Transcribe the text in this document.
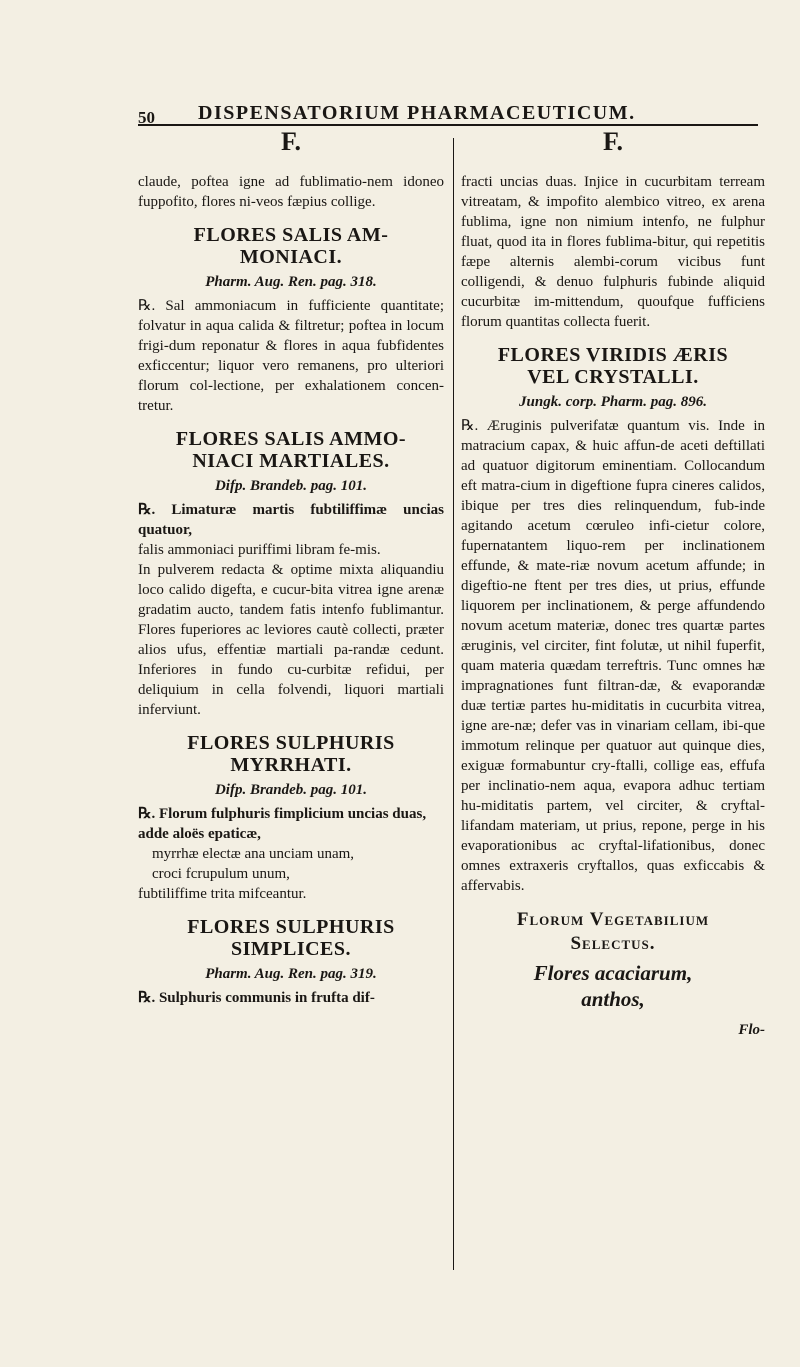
50 DISPENSATORIUM PHARMACEUTICUM.
F.

claude, poftea igne ad fublimatio-nem idoneo fuppofito, flores ni-veos fæpius collige.

FLORES SALIS AM-
MONIACI.

Pharm. Aug. Ren. pag. 318.

℞. Sal ammoniacum in fufficiente quantitate; folvatur in aqua calida & filtretur; poftea in locum frigi-dum reponatur & flores in aqua fubfidentes exficcentur; liquor vero remanens, pro ulteriori florum col-lectione, per exhalationem concen-tretur.

FLORES SALIS AMMO-
NIACI MARTIALES.

Difp. Brandeb. pag. 101.

℞. Limaturæ martis fubtiliffimæ uncias quatuor,

falis ammoniaci puriffimi libram fe-mis.

In pulverem redacta & optime mixta aliquandiu loco calido digefta, e cucur-bita vitrea igne arenæ gradatim aucto, tandem fatis intenfo fublimantur. Flores fuperiores ac leviores cautè collecti, præter alios ufus, effentiæ martiali pa-randæ cedunt. Inferiores in fundo cu-curbitæ refidui, per deliquium in cella folvendi, liquori martiali inferviunt.

FLORES SULPHURIS
MYRRHATI.

Difp. Brandeb. pag. 101.

℞. Florum fulphuris fimplicium uncias duas,

adde aloës epaticæ,

myrrhæ electæ ana unciam unam,

croci fcrupulum unum,

fubtiliffime trita mifceantur.

FLORES SULPHURIS
SIMPLICES.

Pharm. Aug. Ren. pag. 319.

℞. Sulphuris communis in frufta dif-

F.

fracti uncias duas. Injice in cucurbitam terream vitreatam, & impofito alembico vitreo, ex arena fublima, igne non nimium intenfo, ne fulphur fluat, quod ita in flores fublima-bitur, qui repetitis fæpe alternis alembi-corum vicibus funt colligendi, & denuo fulphuris fubinde aliquid cucurbitæ im-mittendum, quoufque fufficiens florum quantitas collecta fuerit.

FLORES VIRIDIS ÆRIS
VEL CRYSTALLI.

Jungk. corp. Pharm. pag. 896.

℞. Æruginis pulverifatæ quantum vis. Inde in matracium capax, & huic affun-de aceti deftillati ad quatuor digitorum eminentiam. Collocandum eft matra-cium in digeftione fupra cineres calidos, ibique per tres dies relinquendum, fub-inde agitando acetum cœruleo infi-cietur colore, fupernatantem liquo-rem per inclinationem effunde, & mate-riæ novum acetum affunde; in digeftio-ne ftent per tres dies, ut prius, effunde liquorem per inclinationem, & perge affundendo novum acetum materiæ, donec tres quartæ partes æruginis, vel circiter, fint folutæ, ut nihil fuperfit, quam materia quædam terreftris. Tunc omnes hæ impragnationes funt filtran-dæ, & evaporandæ duæ tertiæ partes hu-miditatis in cucurbita vitrea, igne are-næ; defer vas in vinariam cellam, ibi-que immotum relinque per quatuor aut quinque dies, exiguæ formabuntur cry-ftalli, collige eas, effufa per inclinatio-nem aqua, evapora adhuc tertiam hu-miditatis partem, vel circiter, & cryftal-lifandam materiam, ut prius, repone, perge in his evaporationibus ac cryftal-lifationibus, donec omnes extraxeris cryftallos, quas exficcabis & affervabis.

Florum Vegetabilium
Selectus.
Flores acaciarum,
anthos,
Flo-
